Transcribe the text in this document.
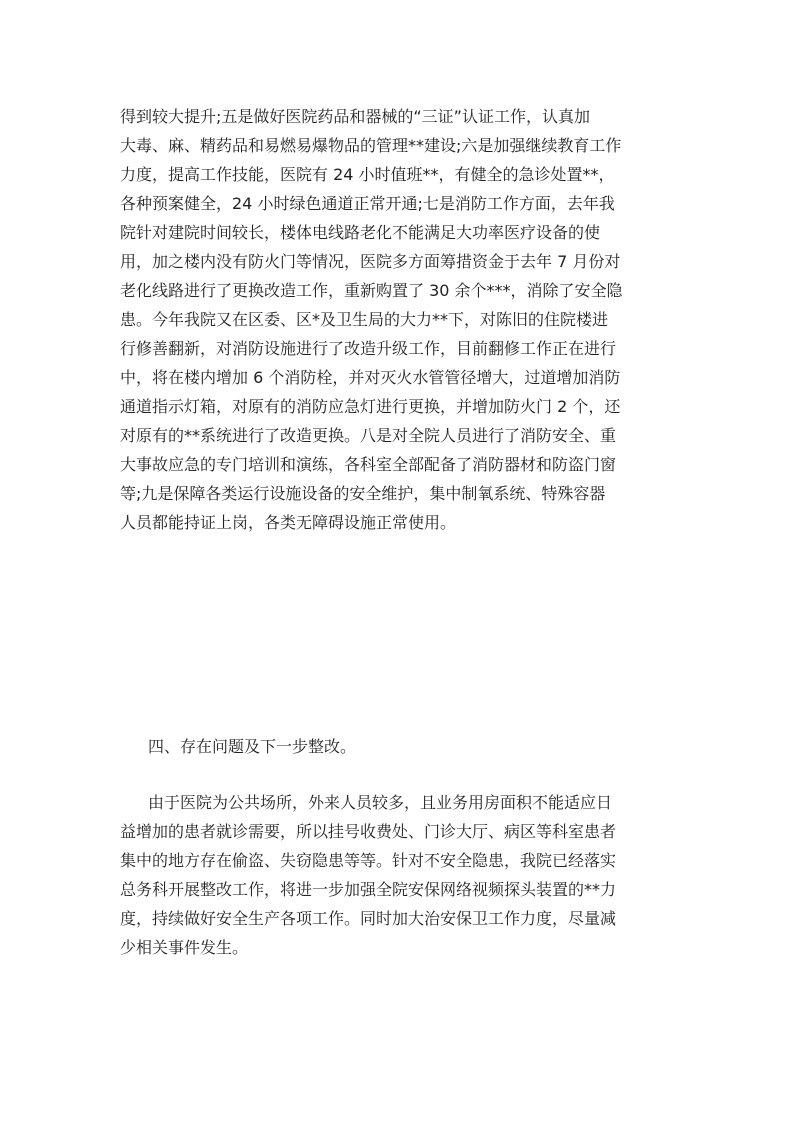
得到较大提升;五是做好医院药品和器械的“三证”认证工作，认真加
大毒、麻、精药品和易燃易爆物品的管理**建设;六是加强继续教育工作
力度，提高工作技能，医院有 24 小时值班**，有健全的急诊处置**，
各种预案健全，24 小时绿色通道正常开通;七是消防工作方面，去年我
院针对建院时间较长，楼体电线路老化不能满足大功率医疗设备的使
用，加之楼内没有防火门等情况，医院多方面筹措资金于去年 7 月份对
老化线路进行了更换改造工作，重新购置了 30 余个***，消除了安全隐
患。今年我院又在区委、区*及卫生局的大力**下，对陈旧的住院楼进
行修善翻新，对消防设施进行了改造升级工作，目前翻修工作正在进行
中，将在楼内增加 6 个消防栓，并对灭火水管管径增大，过道增加消防
通道指示灯箱，对原有的消防应急灯进行更换，并增加防火门 2 个，还
对原有的**系统进行了改造更换。八是对全院人员进行了消防安全、重
大事故应急的专门培训和演练，各科室全部配备了消防器材和防盗门窗
等;九是保障各类运行设施设备的安全维护，集中制氧系统、特殊容器
人员都能持证上岗，各类无障碍设施正常使用。
四、存在问题及下一步整改。
由于医院为公共场所，外来人员较多，且业务用房面积不能适应日
益增加的患者就诊需要，所以挂号收费处、门诊大厅、病区等科室患者
集中的地方存在偷盗、失窃隐患等等。针对不安全隐患，我院已经落实
总务科开展整改工作，将进一步加强全院安保网络视频探头装置的**力
度，持续做好安全生产各项工作。同时加大治安保卫工作力度，尽量减
少相关事件发生。
